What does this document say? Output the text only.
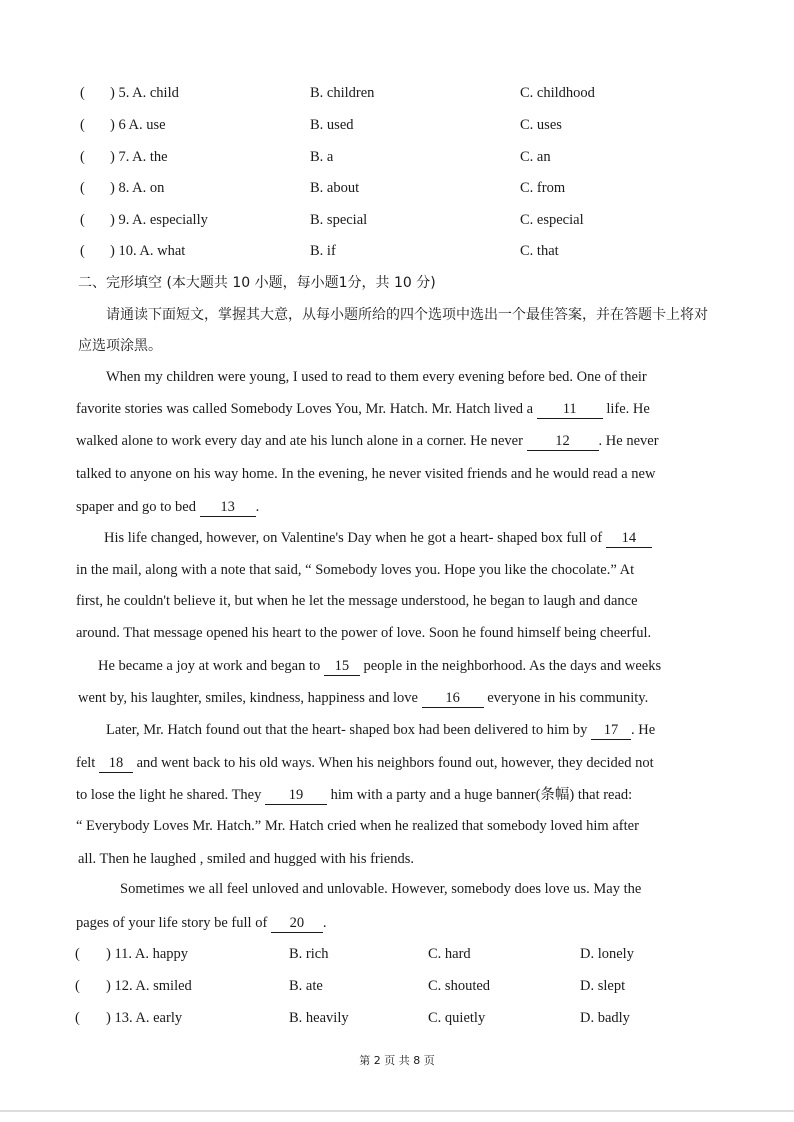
( ) 5. A. child	B. children	C. childhood
( ) 6 A. use	B. used	C. uses
( ) 7. A. the	B. a	C. an
( ) 8. A. on	B. about	C. from
( ) 9. A. especially	B. special	C. especial
( ) 10. A. what	B. if	C. that
二、完形填空 (本大题共 10 小题，每小题1分，共 10 分)
请通读下面短文，掌握其大意，从每小题所给的四个选项中选出一个最佳答案，并在答题卡上将对应选项涂黑。
When my children were young, I used to read to them every evening before bed. One of their
favorite stories was called Somebody Loves You, Mr. Hatch. Mr. Hatch lived a 11 life. He
walked alone to work every day and ate his lunch alone in a corner. He never 12 . He never
talked to anyone on his way home. In the evening, he never visited friends and he would read a new
spaper and go to bed 13 .
His life changed, however, on Valentine's Day when he got a heart- shaped box full of 14
in the mail, along with a note that said, “ Somebody loves you. Hope you like the chocolate.” At
first, he couldn't believe it, but when he let the message understood, he began to laugh and dance
around. That message opened his heart to the power of love. Soon he found himself being cheerful.
He became a joy at work and began to 15 people in the neighborhood. As the days and weeks
went by, his laughter, smiles, kindness, happiness and love 16 everyone in his community.
Later, Mr. Hatch found out that the heart- shaped box had been delivered to him by 17 . He
felt 18 and went back to his old ways. When his neighbors found out, however, they decided not
to lose the light he shared. They 19 him with a party and a huge banner(条幅) that read:
“ Everybody Loves Mr. Hatch.” Mr. Hatch cried when he realized that somebody loved him after
all. Then he laughed , smiled and hugged with his friends.
Sometimes we all feel unloved and unlovable. However, somebody does love us. May the
pages of your life story be full of 20 .
( ) 11. A. happy	B. rich	C. hard	D. lonely
( ) 12. A. smiled	B. ate	C. shouted	D. slept
( ) 13. A. early	B. heavily	C. quietly	D. badly
第 2 页 共 8 页
